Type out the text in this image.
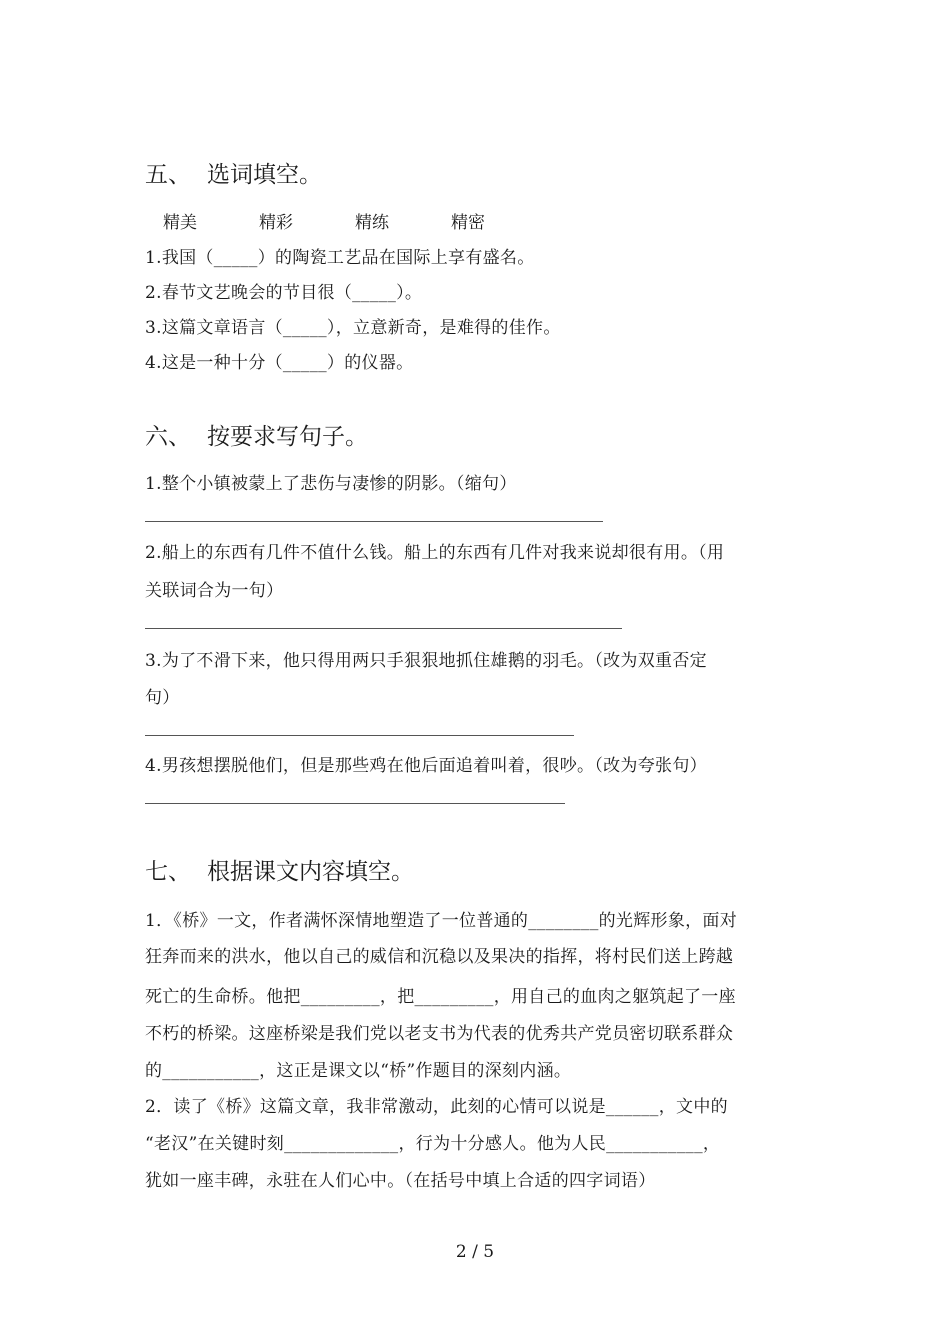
五、 选词填空。
精美	精彩	精练	精密
1.我国（_____）的陶瓷工艺品在国际上享有盛名。
2.春节文艺晚会的节目很（_____）。
3.这篇文章语言（_____），立意新奇，是难得的佳作。
4.这是一种十分（_____）的仪器。
六、 按要求写句子。
1.整个小镇被蒙上了悲伤与凄惨的阴影。（缩句）
2.船上的东西有几件不值什么钱。船上的东西有几件对我来说却很有用。（用
关联词合为一句）
3.为了不滑下来，他只得用两只手狠狠地抓住雄鹅的羽毛。（改为双重否定
句）
4.男孩想摆脱他们，但是那些鸡在他后面追着叫着，很吵。（改为夸张句）
七、 根据课文内容填空。
1．《桥》一文，作者满怀深情地塑造了一位普通的________的光辉形象，面对
狂奔而来的洪水，他以自己的威信和沉稳以及果决的指挥，将村民们送上跨越
死亡的生命桥。他把_________，把_________，用自己的血肉之躯筑起了一座
不朽的桥梁。这座桥梁是我们党以老支书为代表的优秀共产党员密切联系群众
的___________，这正是课文以“桥”作题目的深刻内涵。
2．读了《桥》这篇文章，我非常激动，此刻的心情可以说是______，文中的
“老汉”在关键时刻_____________，行为十分感人。他为人民___________，
犹如一座丰碑，永驻在人们心中。（在括号中填上合适的四字词语）
2 / 5
